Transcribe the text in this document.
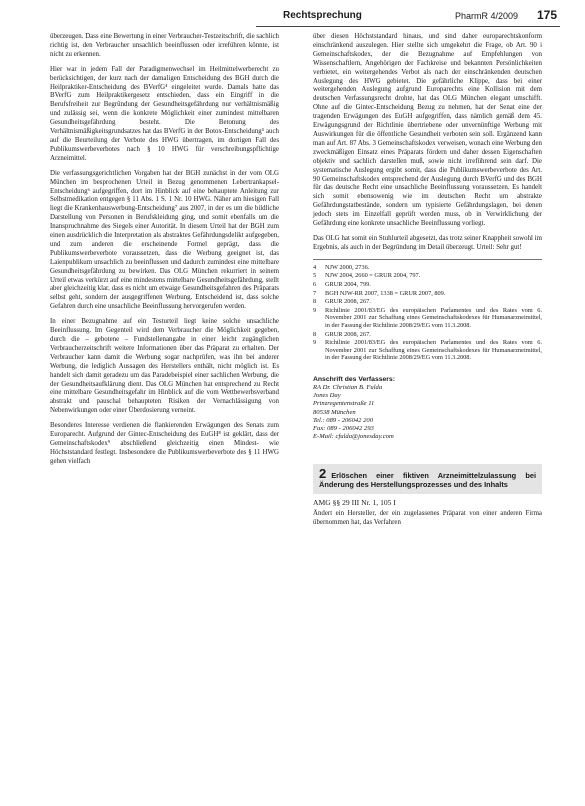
Rechtsprechung	PharmR 4/2009 175

überzeugen. Dass eine Bewertung in einer Verbraucher-Testzeitschrift, die sachlich richtig ist, den Verbraucher unsachlich beeinflussen oder irreführen könnte, ist nicht zu erkennen.

Hier war in jedem Fall der Paradigmenwechsel im Heilmittelwerberecht zu berücksichtigen, der kurz nach der damaligen Entscheidung des BGH durch die Heilpraktiker-Entscheidung des BVerfG⁴ eingeleitet wurde. Damals hatte das BVerfG zum Heilpraktikergesetz entschieden, dass ein Eingriff in die Berufsfreiheit zur Begründung der Gesundheitsgefährdung nur verhältnismäßig und zulässig sei, wenn die konkrete Möglichkeit einer zumindest mittelbaren Gesundheitsgefährdung besteht. Die Betonung des Verhältnismäßigkeitsgrundsatzes hat das BVerfG in der Botox-Entscheidung⁵ auch auf die Beurteilung der Verbote des HWG übertragen, im dortigen Fall des Publikumswerbeverbotes nach § 10 HWG für verschreibungspflichtige Arzneimittel.

Die verfassungsgerichtlichen Vorgaben hat der BGH zunächst in der vom OLG München im besprochenen Urteil in Bezug genommenen Lebertrankapsel-Entscheidung⁶ aufgegriffen, dort im Hinblick auf eine behauptete Anleitung zur Selbstmedikation entgegen § 11 Abs. 1 S. 1 Nr. 10 HWG. Näher am hiesigen Fall liegt die Krankenhauswerbung-Entscheidung⁷ aus 2007, in der es um die bildliche Darstellung von Personen in Berufskleidung ging, und somit ebenfalls um die Inanspruchnahme des Siegels einer Autorität. In diesem Urteil hat der BGH zum einen ausdrücklich die Interpretation als abstraktes Gefährdungsdelikt aufgegeben, und zum anderen die erscheinende Formel geprägt, dass die Publikumswerbeverbote voraussetzen, dass die Werbung geeignet ist, das Laienpublikum unsachlich zu beeinflussen und dadurch zumindest eine mittelbare Gesundheitsgefährdung zu bewirken. Das OLG München rekurriert in seinem Urteil etwas verkürzt auf eine mindestens mittelbare Gesundheitsgefährdung, stellt aber gleichzeitig klar, dass es nicht um etwaige Gesundheitsgefahren des Präparats selbst geht, sondern der ausgegriffenen Werbung. Entscheidend ist, dass solche Gefahren durch eine unsachliche Beeinflussung hervorgerufen werden.

In einer Bezugnahme auf ein Testurteil liegt keine solche unsachliche Beeinflussung. Im Gegenteil wird dem Verbraucher die Möglichkeit gegeben, durch die – gebotene – Fundstellenangabe in einer leicht zugänglichen Verbraucherzeitschrift weitere Informationen über das Präparat zu erhalten. Der Verbraucher kann damit die Werbung sogar nachprüfen, was ihn bei anderer Werbung, die lediglich Aussagen des Herstellers enthält, nicht möglich ist. Es handelt sich damit geradezu um das Paradebeispiel einer sachlichen Werbung, die der Gesundheitsaufklärung dient. Das OLG München hat entsprechend zu Recht eine mittelbare Gesundheitsgefahr im Hinblick auf die vom Wettbewerbsverband abstrakt und pauschal behaupteten Risiken der Vernachlässigung von Nebenwirkungen oder einer Überdosierung verneint.

Besonderes Interesse verdienen die flankierenden Erwägungen des Senats zum Europarecht. Aufgrund der Gintec-Entscheidung des EuGH⁸ ist geklärt, dass der Gemeinschaftskodex⁹ abschließend gleichzeitig einen Mindest- wie Höchststandard festlegt. Insbesondere die Publikumswerbeverbote des § 11 HWG gehen vielfach

über diesen Höchststandard hinaus, und sind daher europarechtskonform einschränkend auszulegen. Hier stellte sich umgekehrt die Frage, ob Art. 90 i Gemeinschaftskodex, der die Bezugnahme auf Empfehlungen von Wissenschaftlern, Angehörigen der Fachkreise und bekannten Persönlichkeiten verbietet, ein weitergehendes Verbot als nach der einschränkenden deutschen Auslegung des HWG gebietet. Die gefährliche Klippe, dass bei einer weitergehenden Auslegung aufgrund Europarechts eine Kollision mit dem deutschen Verfassungsrecht drohte, hat das OLG München elegant umschifft. Ohne auf die Gintec-Entscheidung Bezug zu nehmen, hat der Senat eine der tragenden Erwägungen des EuGH aufgegriffen, dass nämlich gemäß dem 45. Erwägungsgrund der Richtlinie übertriebene oder unvernünftige Werbung mit Auswirkungen für die öffentliche Gesundheit verboten sein soll. Ergänzend kann man auf Art. 87 Abs. 3 Gemeinschaftskodex verweisen, wonach eine Werbung den zweckmäßigen Einsatz eines Präparats fördern und daher dessen Eigenschaften objektiv und sachlich darstellen muß, sowie nicht irreführend sein darf. Die systematische Auslegung ergibt somit, dass die Publikumswerbeverbote des Art. 90 Gemeinschaftskodex entsprechend der Auslegung durch BVerfG und des BGH für das deutsche Recht eine unsachliche Beeinflussung voraussetzen. Es handelt sich somit ebensowenig wie im deutschen Recht um abstrakte Gefährdungstatbestände, sondern um typisierte Gefährdungslagen, bei denen jedoch stets im Einzelfall geprüft werden muss, ob in Verwirklichung der Gefährdung eine konkrete unsachliche Beeinflussung vorliegt.

Das OLG hat somit ein Stuhlurteil abgesetzt, das trotz seiner Knappheit sowohl im Ergebnis, als auch in der Begründung im Detail überzeugt. Urteil: Sehr gut!

4	NJW 2000, 2736.
5	NJW 2004, 2660 = GRUR 2004, 797.
6	GRUR 2004, 799.
7	BGH NJW-RR 2007, 1338 = GRUR 2007, 809.
8	GRUR 2008, 267.
9	Richtlinie 2001/83/EG des europäischen Parlamentes und des Rates vom 6. November 2001 zur Schaffung eines Gemeinschaftskodexes für Humanarzneimittel, in der Fassung der Richtlinie 2008/29/EG vom 11.3.2008.
8	GRUR 2008, 267.
9	Richtlinie 2001/83/EG des europäischen Parlamentes und des Rates vom 6. November 2001 zur Schaffung eines Gemeinschaftskodexes für Humanarzneimittel, in der Fassung der Richtlinie 2008/29/EG vom 11.3.2008.
Anschrift des Verfassers:
RA Dr. Christian B. Fulda
Jones Day
Prinzregentenstraße 11
80538 München
Tel.: 089 - 206042 200
Fax: 089 - 206042 293
E-Mail: cfulda@jonesday.com
2 Erlöschen einer fiktiven Arzneimittelzulassung bei Änderung des Herstellungsprozesses und des Inhalts
AMG §§ 29 III Nr. 1, 105 I

Ändert ein Hersteller, der ein zugelassenes Präparat von einer anderen Firma übernommen hat, das Verfahren
